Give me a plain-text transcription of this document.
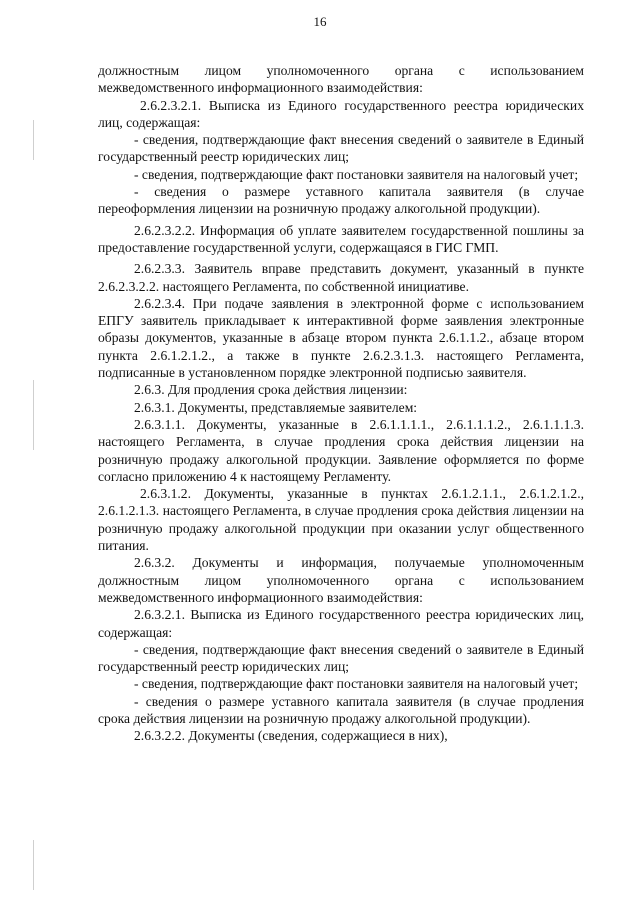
16

должностным лицом уполномоченного органа с использованием межведомственного информационного взаимодействия:

2.6.2.3.2.1. Выписка из Единого государственного реестра юридических лиц, содержащая:

- сведения, подтверждающие факт внесения сведений о заявителе в Единый государственный реестр юридических лиц;

- сведения, подтверждающие факт постановки заявителя на налоговый учет;

- сведения о размере уставного капитала заявителя (в случае переоформления лицензии на розничную продажу алкогольной продукции).

2.6.2.3.2.2. Информация об уплате заявителем государственной пошлины за предоставление государственной услуги, содержащаяся в ГИС ГМП.

2.6.2.3.3. Заявитель вправе представить документ, указанный в пункте 2.6.2.3.2.2. настоящего Регламента, по собственной инициативе.

2.6.2.3.4. При подаче заявления в электронной форме с использованием ЕПГУ заявитель прикладывает к интерактивной форме заявления электронные образы документов, указанные в абзаце втором пункта 2.6.1.1.2., абзаце втором пункта 2.6.1.2.1.2., а также в пункте 2.6.2.3.1.3. настоящего Регламента, подписанные в установленном порядке электронной подписью заявителя.

2.6.3. Для продления срока действия лицензии:

2.6.3.1. Документы, представляемые заявителем:

2.6.3.1.1. Документы, указанные в 2.6.1.1.1.1., 2.6.1.1.1.2., 2.6.1.1.1.3. настоящего Регламента, в случае продления срока действия лицензии на розничную продажу алкогольной продукции. Заявление оформляется по форме согласно приложению 4 к настоящему Регламенту.

2.6.3.1.2. Документы, указанные в пунктах 2.6.1.2.1.1., 2.6.1.2.1.2., 2.6.1.2.1.3. настоящего Регламента, в случае продления срока действия лицензии на розничную продажу алкогольной продукции при оказании услуг общественного питания.

2.6.3.2. Документы и информация, получаемые уполномоченным должностным лицом уполномоченного органа с использованием межведомственного информационного взаимодействия:

2.6.3.2.1. Выписка из Единого государственного реестра юридических лиц, содержащая:

- сведения, подтверждающие факт внесения сведений о заявителе в Единый государственный реестр юридических лиц;

- сведения, подтверждающие факт постановки заявителя на налоговый учет;

- сведения о размере уставного капитала заявителя (в случае продления срока действия лицензии на розничную продажу алкогольной продукции).

2.6.3.2.2. Документы (сведения, содержащиеся в них),
